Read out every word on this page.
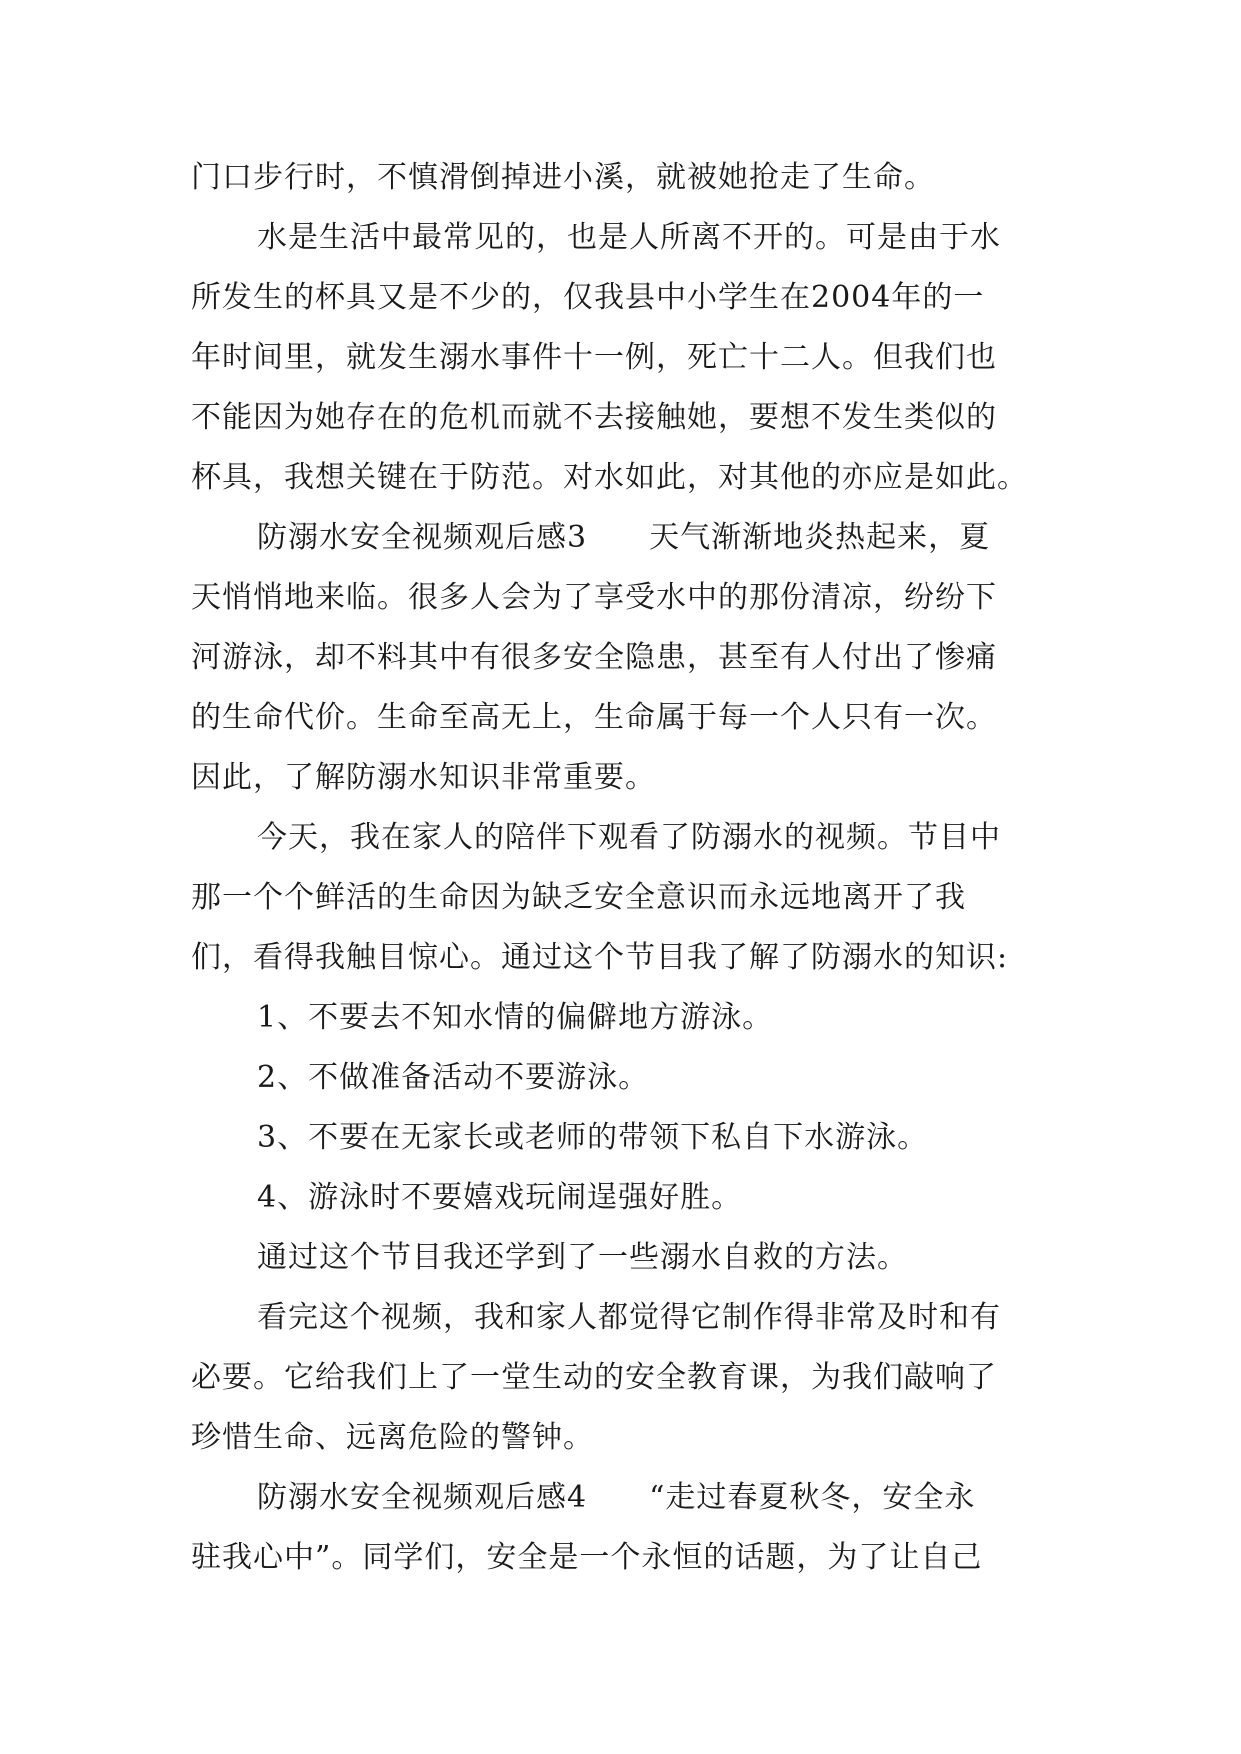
门口步行时，不慎滑倒掉进小溪，就被她抢走了生命。
水是生活中最常见的，也是人所离不开的。可是由于水
所发生的杯具又是不少的，仅我县中小学生在2004年的一
年时间里，就发生溺水事件十一例，死亡十二人。但我们也
不能因为她存在的危机而就不去接触她，要想不发生类似的
杯具，我想关键在于防范。对水如此，对其他的亦应是如此。
防溺水安全视频观后感3 天气渐渐地炎热起来，夏
天悄悄地来临。很多人会为了享受水中的那份清凉，纷纷下
河游泳，却不料其中有很多安全隐患，甚至有人付出了惨痛
的生命代价。生命至高无上，生命属于每一个人只有一次。
因此，了解防溺水知识非常重要。
今天，我在家人的陪伴下观看了防溺水的视频。节目中
那一个个鲜活的生命因为缺乏安全意识而永远地离开了我
们，看得我触目惊心。通过这个节目我了解了防溺水的知识:
1、不要去不知水情的偏僻地方游泳。
2、不做准备活动不要游泳。
3、不要在无家长或老师的带领下私自下水游泳。
4、游泳时不要嬉戏玩闹逞强好胜。
通过这个节目我还学到了一些溺水自救的方法。
看完这个视频，我和家人都觉得它制作得非常及时和有
必要。它给我们上了一堂生动的安全教育课，为我们敲响了
珍惜生命、远离危险的警钟。
防溺水安全视频观后感4 “走过春夏秋冬，安全永
驻我心中”。同学们，安全是一个永恒的话题，为了让自己
